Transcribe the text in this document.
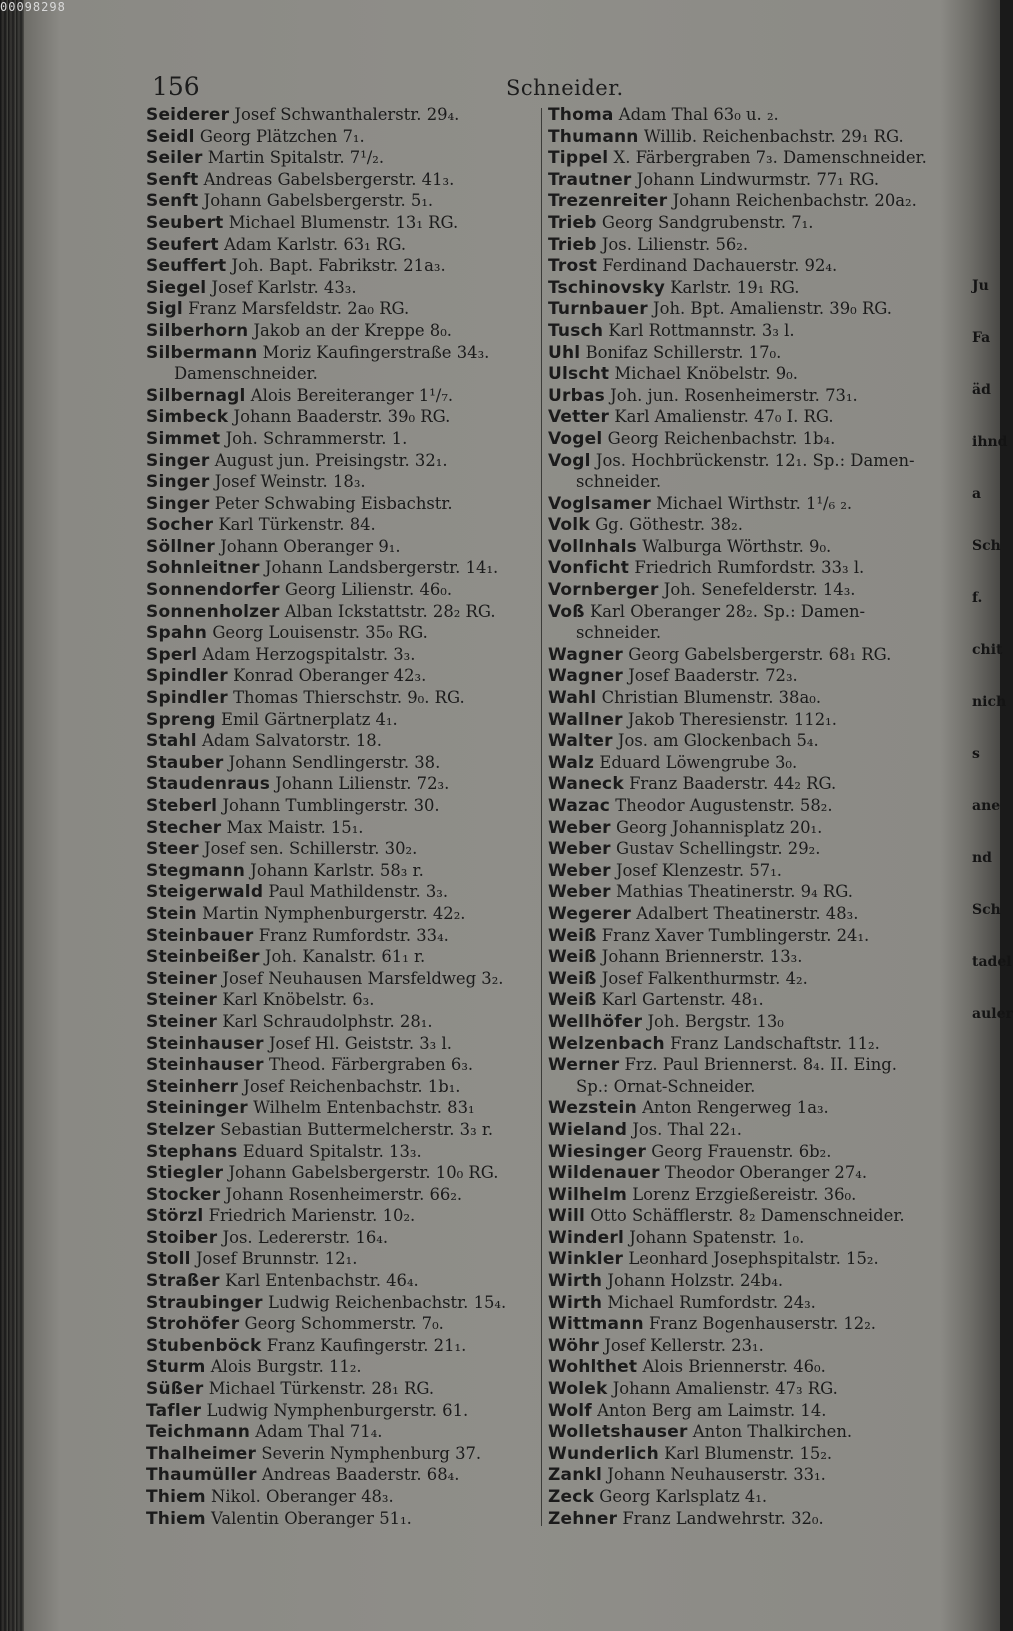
00098298
156	Schneider.
Seiderer Josef Schwanthalerstr. 29₄.
Seidl Georg Plätzchen 7₁.
Seiler Martin Spitalstr. 7¹/₂.
Senft Andreas Gabelsbergerstr. 41₃.
Senft Johann Gabelsbergerstr. 5₁.
Seubert Michael Blumenstr. 13₁ RG.
Seufert Adam Karlstr. 63₁ RG.
Seuffert Joh. Bapt. Fabrikstr. 21a₃.
Siegel Josef Karlstr. 43₃.
Sigl Franz Marsfeldstr. 2a₀ RG.
Silberhorn Jakob an der Kreppe 8₀.
Silbermann Moriz Kaufingerstraße 34₃.
Damenschneider.
Silbernagl Alois Bereiteranger 1¹/₇.
Simbeck Johann Baaderstr. 39₀ RG.
Simmet Joh. Schrammerstr. 1.
Singer August jun. Preisingstr. 32₁.
Singer Josef Weinstr. 18₃.
Singer Peter Schwabing Eisbachstr.
Socher Karl Türkenstr. 84.
Söllner Johann Oberanger 9₁.
Sohnleitner Johann Landsbergerstr. 14₁.
Sonnendorfer Georg Lilienstr. 46₀.
Sonnenholzer Alban Ickstattstr. 28₂ RG.
Spahn Georg Louisenstr. 35₀ RG.
Sperl Adam Herzogspitalstr. 3₃.
Spindler Konrad Oberanger 42₃.
Spindler Thomas Thierschstr. 9₀. RG.
Spreng Emil Gärtnerplatz 4₁.
Stahl Adam Salvatorstr. 18.
Stauber Johann Sendlingerstr. 38.
Staudenraus Johann Lilienstr. 72₃.
Steberl Johann Tumblingerstr. 30.
Stecher Max Maistr. 15₁.
Steer Josef sen. Schillerstr. 30₂.
Stegmann Johann Karlstr. 58₃ r.
Steigerwald Paul Mathildenstr. 3₃.
Stein Martin Nymphenburgerstr. 42₂.
Steinbauer Franz Rumfordstr. 33₄.
Steinbeißer Joh. Kanalstr. 61₁ r.
Steiner Josef Neuhausen Marsfeldweg 3₂.
Steiner Karl Knöbelstr. 6₃.
Steiner Karl Schraudolphstr. 28₁.
Steinhauser Josef Hl. Geiststr. 3₃ l.
Steinhauser Theod. Färbergraben 6₃.
Steinherr Josef Reichenbachstr. 1b₁.
Steininger Wilhelm Entenbachstr. 83₁
Stelzer Sebastian Buttermelcherstr. 3₃ r.
Stephans Eduard Spitalstr. 13₃.
Stiegler Johann Gabelsbergerstr. 10₀ RG.
Stocker Johann Rosenheimerstr. 66₂.
Störzl Friedrich Marienstr. 10₂.
Stoiber Jos. Ledererstr. 16₄.
Stoll Josef Brunnstr. 12₁.
Straßer Karl Entenbachstr. 46₄.
Straubinger Ludwig Reichenbachstr. 15₄.
Strohöfer Georg Schommerstr. 7₀.
Stubenböck Franz Kaufingerstr. 21₁.
Sturm Alois Burgstr. 11₂.
Süßer Michael Türkenstr. 28₁ RG.
Tafler Ludwig Nymphenburgerstr. 61.
Teichmann Adam Thal 71₄.
Thalheimer Severin Nymphenburg 37.
Thaumüller Andreas Baaderstr. 68₄.
Thiem Nikol. Oberanger 48₃.
Thiem Valentin Oberanger 51₁.
Thoma Adam Thal 63₀ u. ₂.
Thumann Willib. Reichenbachstr. 29₁ RG.
Tippel X. Färbergraben 7₃. Damenschneider.
Trautner Johann Lindwurmstr. 77₁ RG.
Trezenreiter Johann Reichenbachstr. 20a₂.
Trieb Georg Sandgrubenstr. 7₁.
Trieb Jos. Lilienstr. 56₂.
Trost Ferdinand Dachauerstr. 92₄.
Tschinovsky Karlstr. 19₁ RG.
Turnbauer Joh. Bpt. Amalienstr. 39₀ RG.
Tusch Karl Rottmannstr. 3₃ l.
Uhl Bonifaz Schillerstr. 17₀.
Ulscht Michael Knöbelstr. 9₀.
Urbas Joh. jun. Rosenheimerstr. 73₁.
Vetter Karl Amalienstr. 47₀ I. RG.
Vogel Georg Reichenbachstr. 1b₄.
Vogl Jos. Hochbrückenstr. 12₁. Sp.: Damen-
schneider.
Voglsamer Michael Wirthstr. 1¹/₆ ₂.
Volk Gg. Göthestr. 38₂.
Vollnhals Walburga Wörthstr. 9₀.
Vonficht Friedrich Rumfordstr. 33₃ l.
Vornberger Joh. Senefelderstr. 14₃.
Voß Karl Oberanger 28₂. Sp.: Damen-
schneider.
Wagner Georg Gabelsbergerstr. 68₁ RG.
Wagner Josef Baaderstr. 72₃.
Wahl Christian Blumenstr. 38a₀.
Wallner Jakob Theresienstr. 112₁.
Walter Jos. am Glockenbach 5₄.
Walz Eduard Löwengrube 3₀.
Waneck Franz Baaderstr. 44₂ RG.
Wazac Theodor Augustenstr. 58₂.
Weber Georg Johannisplatz 20₁.
Weber Gustav Schellingstr. 29₂.
Weber Josef Klenzestr. 57₁.
Weber Mathias Theatinerstr. 9₄ RG.
Wegerer Adalbert Theatinerstr. 48₃.
Weiß Franz Xaver Tumblingerstr. 24₁.
Weiß Johann Briennerstr. 13₃.
Weiß Josef Falkenthurmstr. 4₂.
Weiß Karl Gartenstr. 48₁.
Wellhöfer Joh. Bergstr. 13₀
Welzenbach Franz Landschaftstr. 11₂.
Werner Frz. Paul Briennerst. 8₄. II. Eing.
Sp.: Ornat-Schneider.
Wezstein Anton Rengerweg 1a₃.
Wieland Jos. Thal 22₁.
Wiesinger Georg Frauenstr. 6b₂.
Wildenauer Theodor Oberanger 27₄.
Wilhelm Lorenz Erzgießereistr. 36₀.
Will Otto Schäfflerstr. 8₂ Damenschneider.
Winderl Johann Spatenstr. 1₀.
Winkler Leonhard Josephspitalstr. 15₂.
Wirth Johann Holzstr. 24b₄.
Wirth Michael Rumfordstr. 24₃.
Wittmann Franz Bogenhauserstr. 12₂.
Wöhr Josef Kellerstr. 23₁.
Wohlthet Alois Briennerstr. 46₀.
Wolek Johann Amalienstr. 47₃ RG.
Wolf Anton Berg am Laimstr. 14.
Wolletshauser Anton Thalkirchen.
Wunderlich Karl Blumenstr. 15₂.
Zankl Johann Neuhauserstr. 33₁.
Zeck Georg Karlsplatz 4₁.
Zehner Franz Landwehrstr. 32₀.
Ju
Fa
äd
ihnd
a
Sch
f.
chit
nich
s
ane
nd
Sch
tadel
auler
